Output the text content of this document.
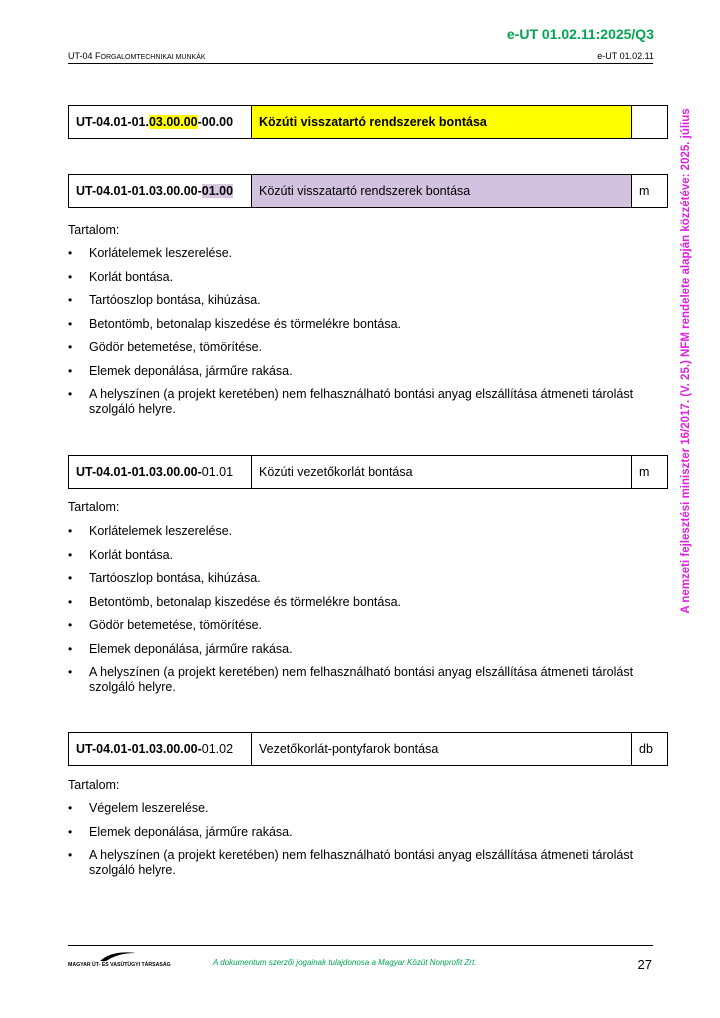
e-UT 01.02.11:2025/Q3
UT-04 FORGALOMTECHNIKAI MUNKÁK	e-UT 01.02.11
A nemzeti fejlesztési miniszter 16/2017. (V. 25.) NFM rendelete alapján közzétéve: 2025. július
UT-04.01-01.03.00.00-00.00	Közúti visszatartó rendszerek bontása	
UT-04.01-01.03.00.00-01.00	Közúti visszatartó rendszerek bontása	m
Tartalom:
• Korlátelemek leszerelése.
• Korlát bontása.
• Tartóoszlop bontása, kihúzása.
• Betontömb, betonalap kiszedése és törmelékre bontása.
• Gödör betemetése, tömörítése.
• Elemek deponálása, járműre rakása.
• A helyszínen (a projekt keretében) nem felhasználható bontási anyag elszállítása átmeneti tárolást szolgáló helyre.
UT-04.01-01.03.00.00-01.01	Közúti vezetőkorlát bontása	m
Tartalom:
• Korlátelemek leszerelése.
• Korlát bontása.
• Tartóoszlop bontása, kihúzása.
• Betontömb, betonalap kiszedése és törmelékre bontása.
• Gödör betemetése, tömörítése.
• Elemek deponálása, járműre rakása.
• A helyszínen (a projekt keretében) nem felhasználható bontási anyag elszállítása átmeneti tárolást szolgáló helyre.
UT-04.01-01.03.00.00-01.02	Vezetőkorlát-pontyfarok bontása	db
Tartalom:
• Végelem leszerelése.
• Elemek deponálása, járműre rakása.
• A helyszínen (a projekt keretében) nem felhasználható bontási anyag elszállítása átmeneti tárolást szolgáló helyre.
MAGYAR ÚT- ÉS VASÚTÜGYI TÁRSASÁG	A dokumentum szerzői jogainak tulajdonosa a Magyar Közút Nonprofit Zrt.	27
